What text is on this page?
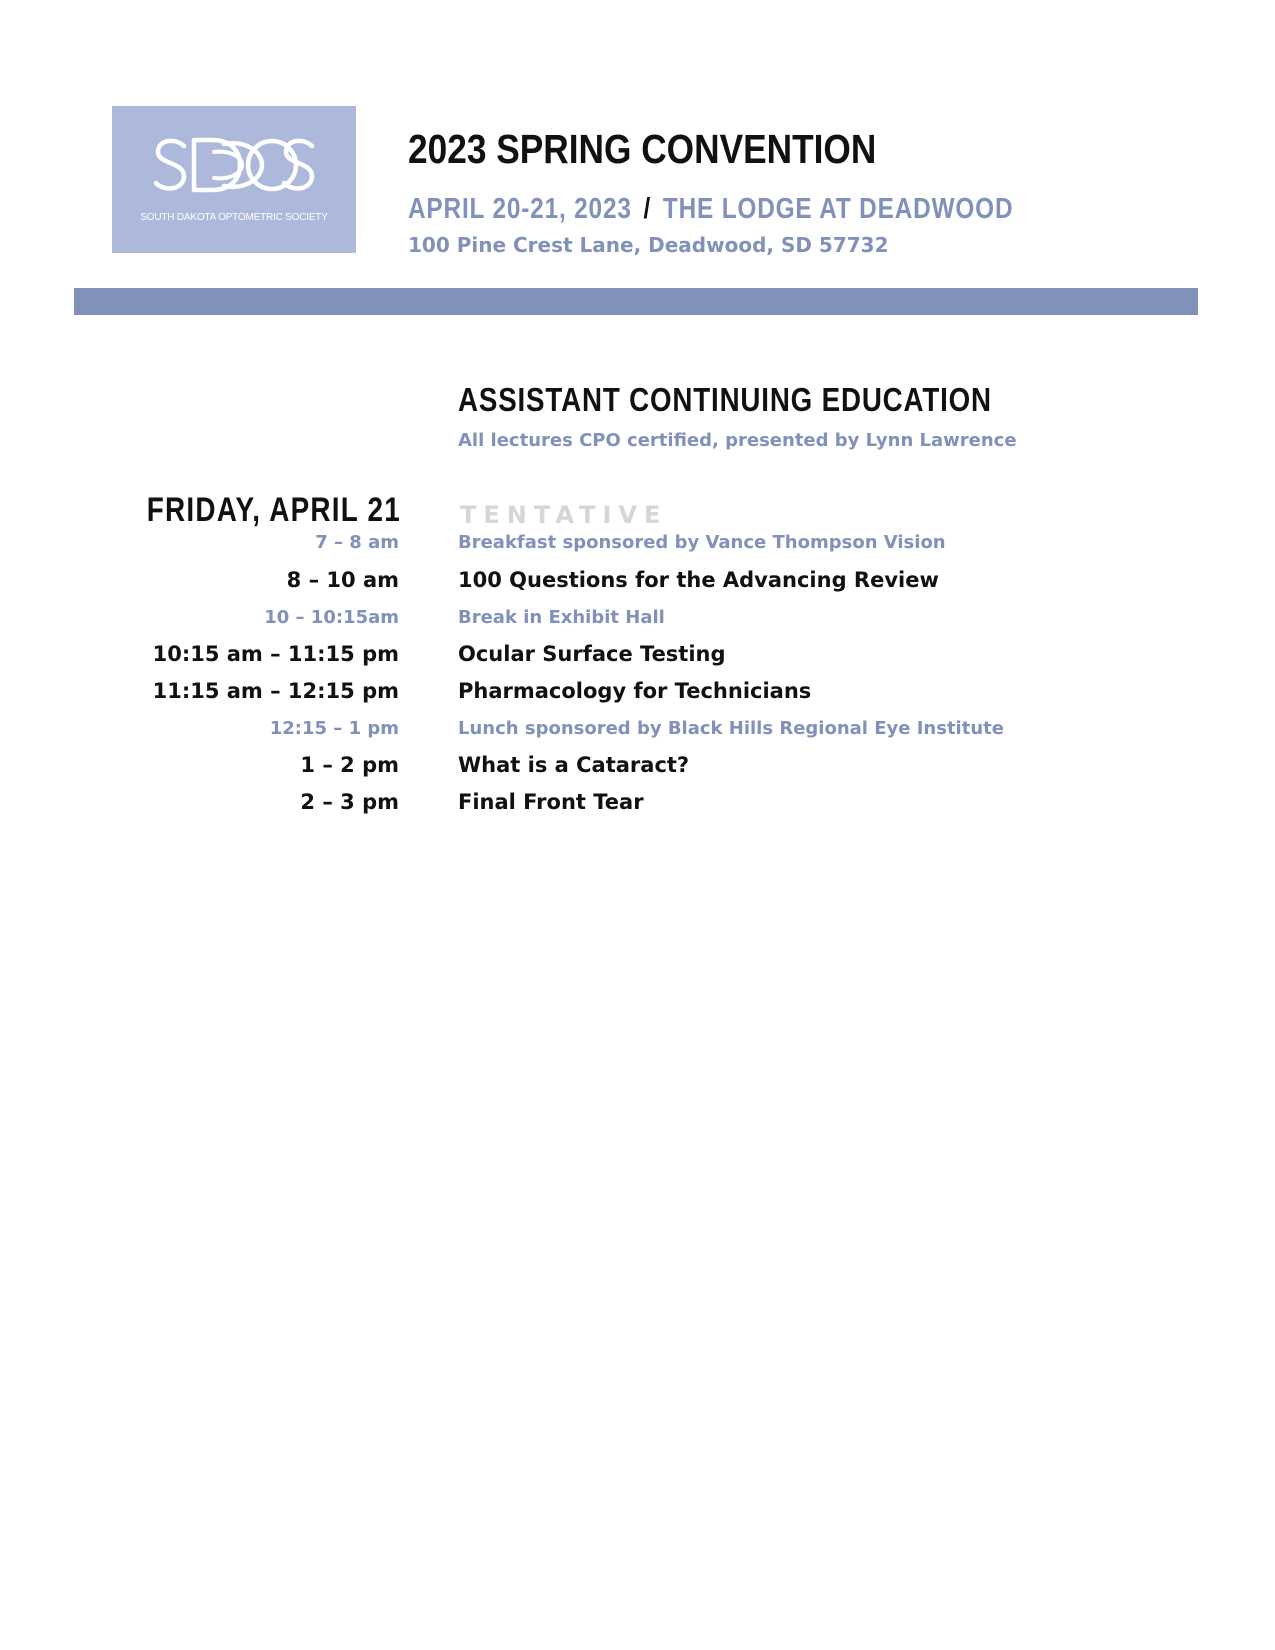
SOUTH DAKOTA OPTOMETRIC SOCIETY
2023 SPRING CONVENTION
APRIL 20-21, 2023 / THE LODGE AT DEADWOOD
100 Pine Crest Lane, Deadwood, SD 57732
ASSISTANT CONTINUING EDUCATION
All lectures CPO certified, presented by Lynn Lawrence
FRIDAY, APRIL 21 TENTATIVE
7 – 8 am	Breakfast sponsored by Vance Thompson Vision
8 – 10 am	100 Questions for the Advancing Review
10 – 10:15am	Break in Exhibit Hall
10:15 am – 11:15 pm	Ocular Surface Testing
11:15 am – 12:15 pm	Pharmacology for Technicians
12:15 – 1 pm	Lunch sponsored by Black Hills Regional Eye Institute
1 – 2 pm	What is a Cataract?
2 – 3 pm	Final Front Tear
